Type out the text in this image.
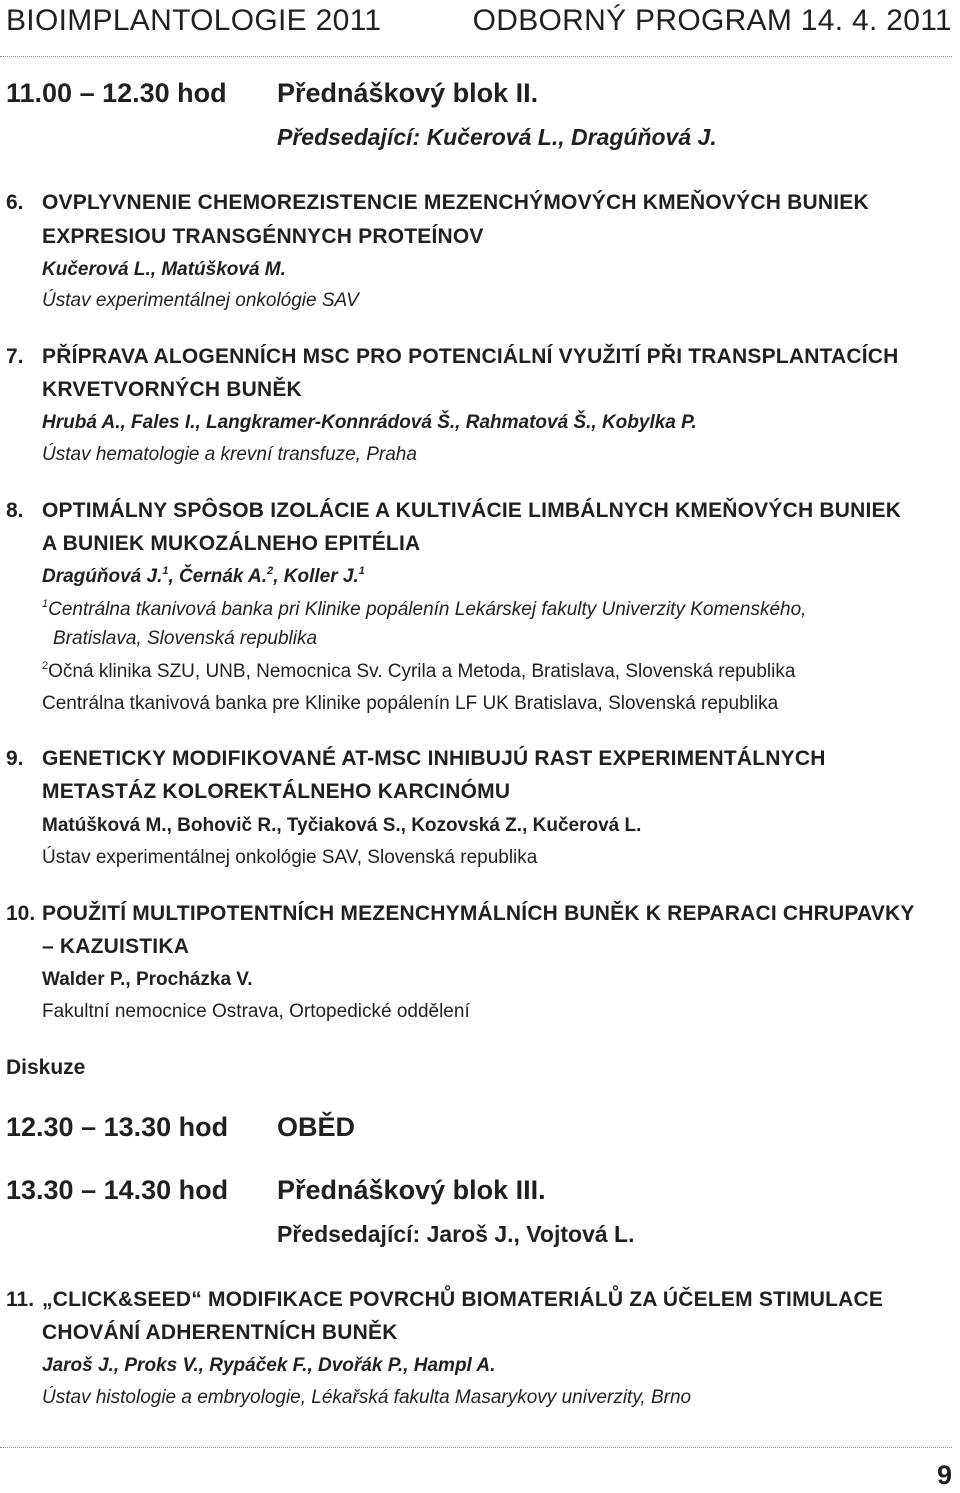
BIOIMPLANTOLOGIE 2011	ODBORNÝ PROGRAM 14. 4. 2011
11.00 – 12.30 hod Přednáškový blok II.
Předsedající: Kučerová L., Dragúňová J.
6. OVPLYVNENIE CHEMOREZISTENCIE MEZENCHÝMOVÝCH KMEŇOVÝCH BUNIEK
EXPRESIOU TRANSGÉNNYCH PROTEÍNOV
Kučerová L., Matúšková M.
Ústav experimentálnej onkológie SAV
7. PŘÍPRAVA ALOGENNÍCH MSC PRO POTENCIÁLNÍ VYUŽITÍ PŘI TRANSPLANTACÍCH
KRVETVORNÝCH BUNĚK
Hrubá A., Fales I., Langkramer-Konnrádová Š., Rahmatová Š., Kobylka P.
Ústav hematologie a krevní transfuze, Praha
8. OPTIMÁLNY SPÔSOB IZOLÁCIE A KULTIVÁCIE LIMBÁLNYCH KMEŇOVÝCH BUNIEK
A BUNIEK MUKOZÁLNEHO EPITÉLIA
Dragúňová J.$^1$, Černák A.$^2$, Koller J.$^1$
$^1$Centrálna tkanivová banka pri Klinike popálenín Lekárskej fakulty Univerzity Komenského,
Bratislava, Slovenská republika
$^2$Očná klinika SZU, UNB, Nemocnica Sv. Cyrila a Metoda, Bratislava, Slovenská republika
Centrálna tkanivová banka pre Klinike popálenín LF UK Bratislava, Slovenská republika
9. GENETICKY MODIFIKOVANÉ AT-MSC INHIBUJÚ RAST EXPERIMENTÁLNYCH
METASTÁZ KOLOREKTÁLNEHO KARCINÓMU
Matúšková M., Bohovič R., Tyčiaková S., Kozovská Z., Kučerová L.
Ústav experimentálnej onkológie SAV, Slovenská republika
10. POUŽITÍ MULTIPOTENTNÍCH MEZENCHYMÁLNÍCH BUNĚK K REPARACI CHRUPAVKY
– KAZUISTIKA
Walder P., Procházka V.
Fakultní nemocnice Ostrava, Ortopedické oddělení
Diskuze
12.30 – 13.30 hod OBĚD
13.30 – 14.30 hod Přednáškový blok III.
Předsedající: Jaroš J., Vojtová L.
11. „CLICK&SEED“ MODIFIKACE POVRCHŮ BIOMATERIÁLŮ ZA ÚČELEM STIMULACE
CHOVÁNÍ ADHERENTNÍCH BUNĚK
Jaroš J., Proks V., Rypáček F., Dvořák P., Hampl A.
Ústav histologie a embryologie, Lékařská fakulta Masarykovy univerzity, Brno
9
